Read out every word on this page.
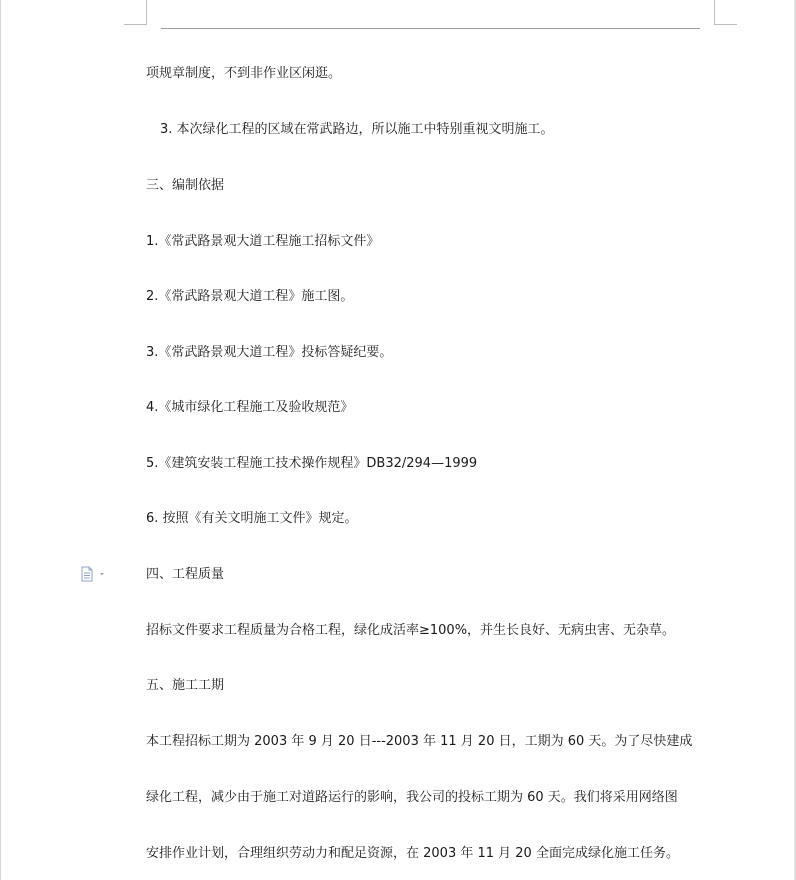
项规章制度，不到非作业区闲逛。
3. 本次绿化工程的区域在常武路边，所以施工中特别重视文明施工。
三、编制依据
1.《常武路景观大道工程施工招标文件》
2.《常武路景观大道工程》施工图。
3.《常武路景观大道工程》投标答疑纪要。
4.《城市绿化工程施工及验收规范》
5.《建筑安装工程施工技术操作规程》DB32/294—1999
6. 按照《有关文明施工文件》规定。
四、工程质量
招标文件要求工程质量为合格工程，绿化成活率≥100%，并生长良好、无病虫害、无杂草。
五、施工工期
本工程招标工期为 2003 年 9 月 20 日---2003 年 11 月 20 日，工期为 60 天。为了尽快建成
绿化工程，减少由于施工对道路运行的影响，我公司的投标工期为 60 天。我们将采用网络图
安排作业计划，合理组织劳动力和配足资源，在 2003 年 11 月 20 全面完成绿化施工任务。
